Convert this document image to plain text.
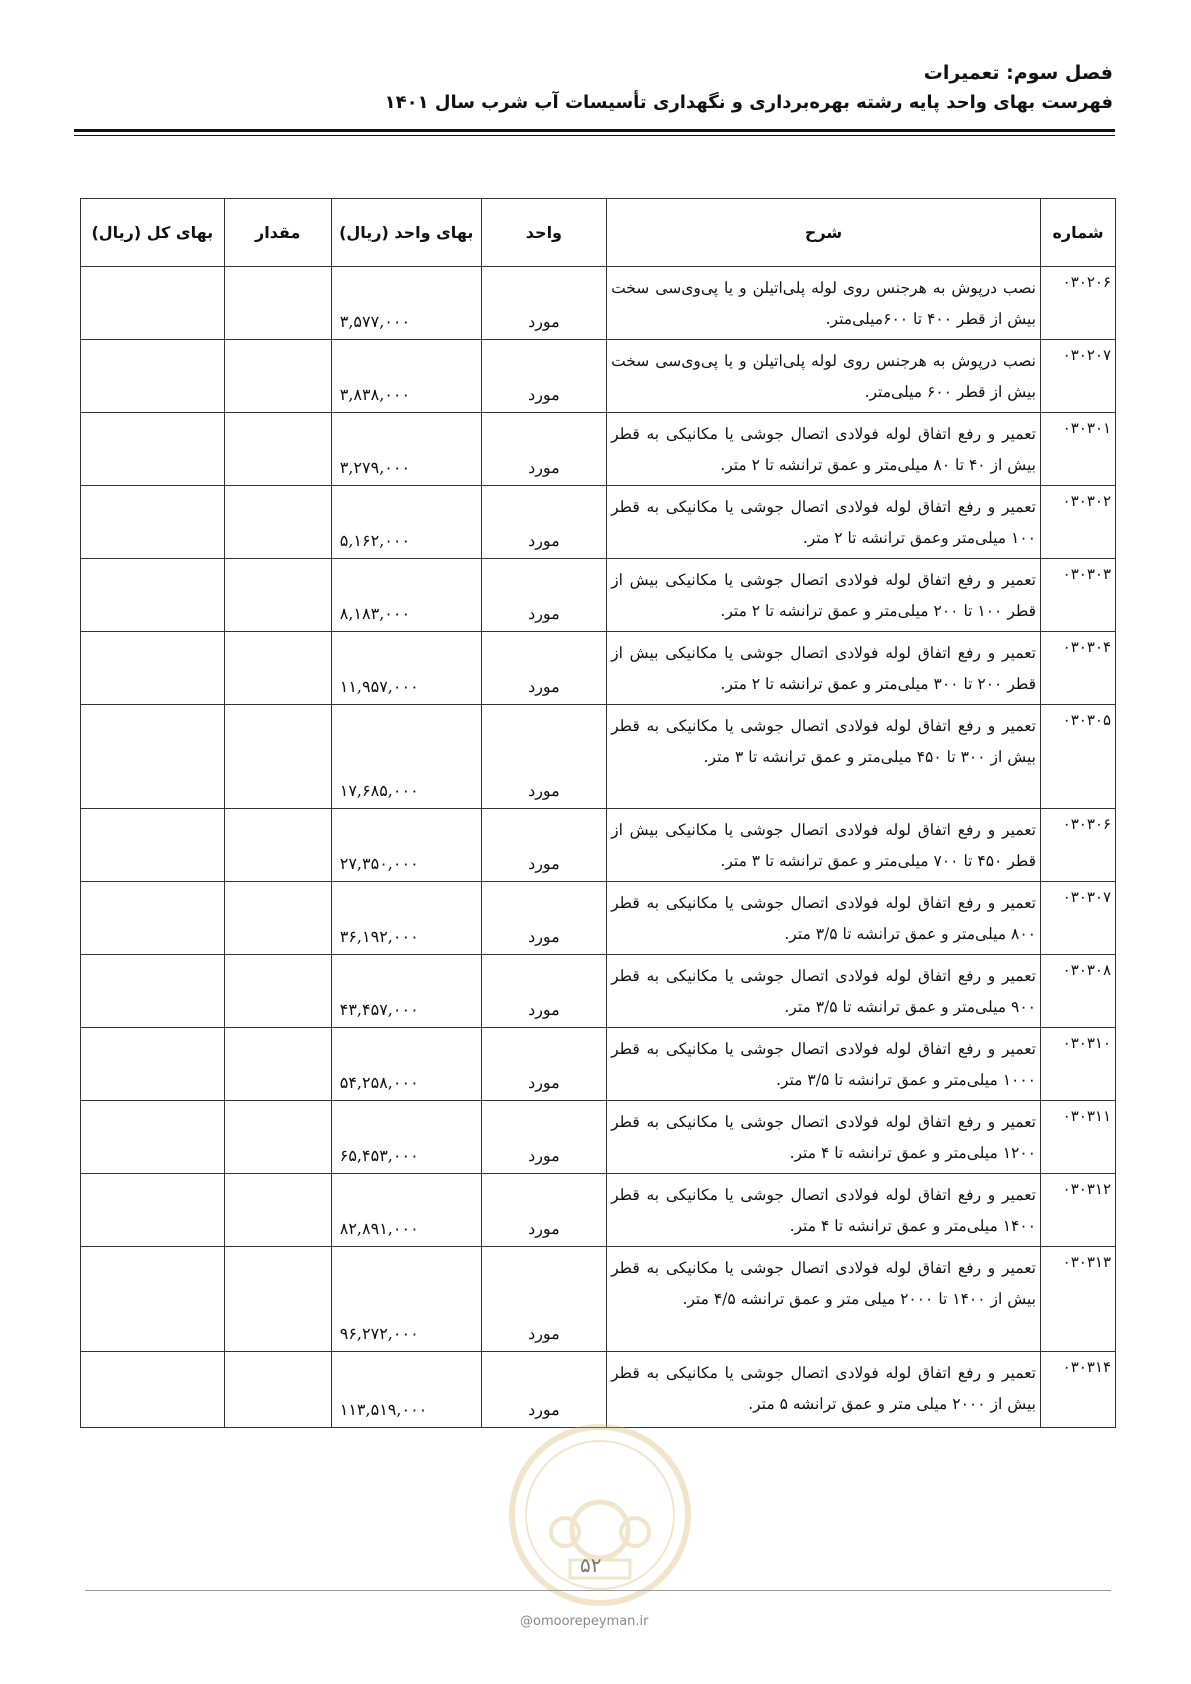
فصل سوم: تعمیرات
فهرست بهای واحد پایه رشته بهره‌برداری و نگهداری تأسیسات آب شرب سال ۱۴۰۱
شماره	شرح	واحد	بهای واحد (ریال)	مقدار	بهای کل (ریال)
۰۳۰۲۰۶	نصب درپوش به هرجنس روی لوله پلی‌اتیلن و یا پی‌وی‌سی سخت بیش از قطر ۴۰۰ تا ۶۰۰میلی‌متر.	مورد	۳,۵۷۷,۰۰۰		
۰۳۰۲۰۷	نصب درپوش به هرجنس روی لوله پلی‌اتیلن و یا پی‌وی‌سی سخت بیش از قطر ۶۰۰ میلی‌متر.	مورد	۳,۸۳۸,۰۰۰		
۰۳۰۳۰۱	تعمیر و رفع اتفاق لوله فولادی اتصال جوشی یا مکانیکی به قطر بیش از ۴۰ تا ۸۰ میلی‌متر و عمق ترانشه تا ۲ متر.	مورد	۳,۲۷۹,۰۰۰		
۰۳۰۳۰۲	تعمیر و رفع اتفاق لوله فولادی اتصال جوشی یا مکانیکی به قطر ۱۰۰ میلی‌متر وعمق ترانشه تا ۲ متر.	مورد	۵,۱۶۲,۰۰۰		
۰۳۰۳۰۳	تعمیر و رفع اتفاق لوله فولادی اتصال جوشی یا مکانیکی بیش از قطر ۱۰۰ تا ۲۰۰ میلی‌متر و عمق ترانشه تا ۲ متر.	مورد	۸,۱۸۳,۰۰۰		
۰۳۰۳۰۴	تعمیر و رفع اتفاق لوله فولادی اتصال جوشی یا مکانیکی بیش از قطر ۲۰۰ تا ۳۰۰ میلی‌متر و عمق ترانشه تا ۲ متر.	مورد	۱۱,۹۵۷,۰۰۰		
۰۳۰۳۰۵	تعمیر و رفع اتفاق لوله فولادی اتصال جوشی یا مکانیکی به قطر بیش از ۳۰۰ تا ۴۵۰ میلی‌متر و عمق ترانشه تا ۳ متر.	مورد	۱۷,۶۸۵,۰۰۰		
۰۳۰۳۰۶	تعمیر و رفع اتفاق لوله فولادی اتصال جوشی یا مکانیکی بیش از قطر ۴۵۰ تا ۷۰۰ میلی‌متر و عمق ترانشه تا ۳ متر.	مورد	۲۷,۳۵۰,۰۰۰		
۰۳۰۳۰۷	تعمیر و رفع اتفاق لوله فولادی اتصال جوشی یا مکانیکی به قطر ۸۰۰ میلی‌متر و عمق ترانشه تا ۳/۵ متر.	مورد	۳۶,۱۹۲,۰۰۰		
۰۳۰۳۰۸	تعمیر و رفع اتفاق لوله فولادی اتصال جوشی یا مکانیکی به قطر ۹۰۰ میلی‌متر و عمق ترانشه تا ۳/۵ متر.	مورد	۴۳,۴۵۷,۰۰۰		
۰۳۰۳۱۰	تعمیر و رفع اتفاق لوله فولادی اتصال جوشی یا مکانیکی به قطر ۱۰۰۰ میلی‌متر و عمق ترانشه تا ۳/۵ متر.	مورد	۵۴,۲۵۸,۰۰۰		
۰۳۰۳۱۱	تعمیر و رفع اتفاق لوله فولادی اتصال جوشی یا مکانیکی به قطر ۱۲۰۰ میلی‌متر و عمق ترانشه تا ۴ متر.	مورد	۶۵,۴۵۳,۰۰۰		
۰۳۰۳۱۲	تعمیر و رفع اتفاق لوله فولادی اتصال جوشی یا مکانیکی به قطر ۱۴۰۰ میلی‌متر و عمق ترانشه تا ۴ متر.	مورد	۸۲,۸۹۱,۰۰۰		
۰۳۰۳۱۳	تعمیر و رفع اتفاق لوله فولادی اتصال جوشی یا مکانیکی به قطر بیش از ۱۴۰۰ تا ۲۰۰۰ میلی متر و عمق ترانشه ۴/۵ متر.	مورد	۹۶,۲۷۲,۰۰۰		
۰۳۰۳۱۴	تعمیر و رفع اتفاق لوله فولادی اتصال جوشی یا مکانیکی به قطر بیش از ۲۰۰۰ میلی متر و عمق ترانشه ۵ متر.	مورد	۱۱۳,۵۱۹,۰۰۰		
۵۲
@omoorepeyman.ir
